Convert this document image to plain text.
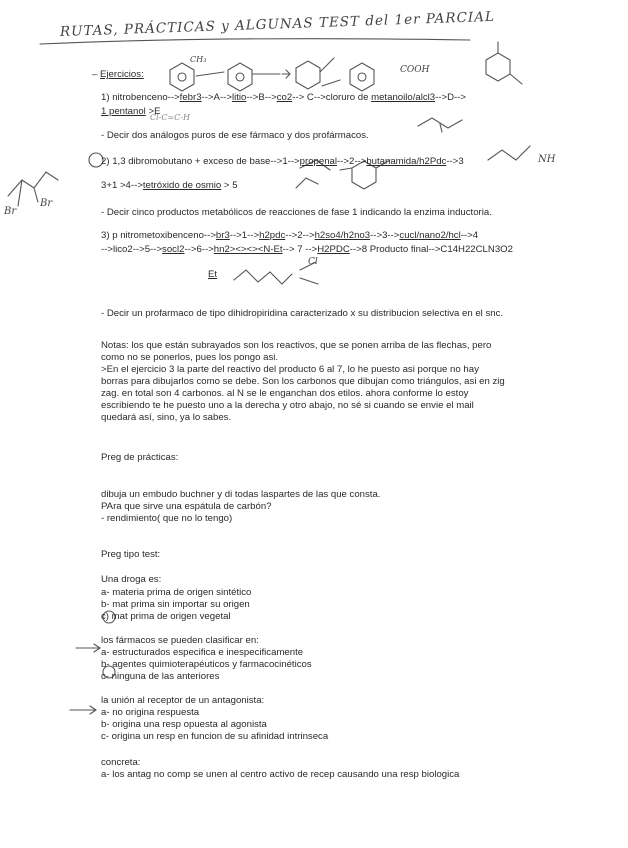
RUTAS, PRÁCTICAS y ALGUNAS TEST del 1er PARCIAL
CH₃
COOH
Cl-C=C-H
NH
Br
Br
Cl
– Ejercicios:
1) nitrobenceno-->febr3-->A-->litio-->B-->co2--> C-->cloruro de metanoilo/alcl3-->D-->
1 pentanol >E
- Decir dos análogos puros de ese fármaco y dos profármacos.
2) 1,3 dibromobutano + exceso de base-->1-->propenal-->2-->butanamida/h2Pdc-->3
3+1 >4-->tetróxido de osmio > 5
- Decir cinco productos metabólicos de reacciones de fase 1 indicando la enzima inductoria.
3) p nitrometoxibenceno-->br3-->1-->h2pdc-->2-->h2so4/h2no3-->3-->cucl/nano2/hcl-->4
-->lico2-->5-->socl2-->6-->hn2><><><N-Et--> 7 -->H2PDC-->8 Producto final-->C14H22CLN3O2
Et
- Decir un profarmaco de tipo dihidropiridina caracterizado x su distribucion selectiva en el snc.
Notas: los que están subrayados son los reactivos, que se ponen arriba de las flechas, pero
como no se ponerlos, pues los pongo asi.
>En el ejercicio 3 la parte del reactivo del producto 6 al 7, lo he puesto asi porque no hay
borras para dibujarlos como se debe. Son los carbonos que dibujan como triángulos, asi en zig
zag. en total son 4 carbonos. al N se le enganchan dos etilos. ahora conforme lo estoy
escribiendo te he puesto uno a la derecha y otro abajo, no sé si cuando se envie el mail
quedará así, sino, ya lo sabes.
Preg de prácticas:
dibuja un embudo buchner y di todas laspartes de las que consta.
PAra que sirve una espátula de carbón?
- rendimiento( que no lo tengo)
Preg tipo test:
Una droga es:
a- materia prima de origen sintético
b- mat prima sin importar su origen
c) mat prima de origen vegetal
los fármacos se pueden clasificar en:
a- estructurados especifica e inespecificamente
b- agentes quimioterapéuticos y farmacocinéticos
c- ninguna de las anteriores
la unión al receptor de un antagonista:
a- no origina respuesta
b- origina una resp opuesta al agonista
c- origina un resp en funcion de su afinidad intrinseca
concreta:
a- los antag no comp se unen al centro activo de recep causando una resp biologica
